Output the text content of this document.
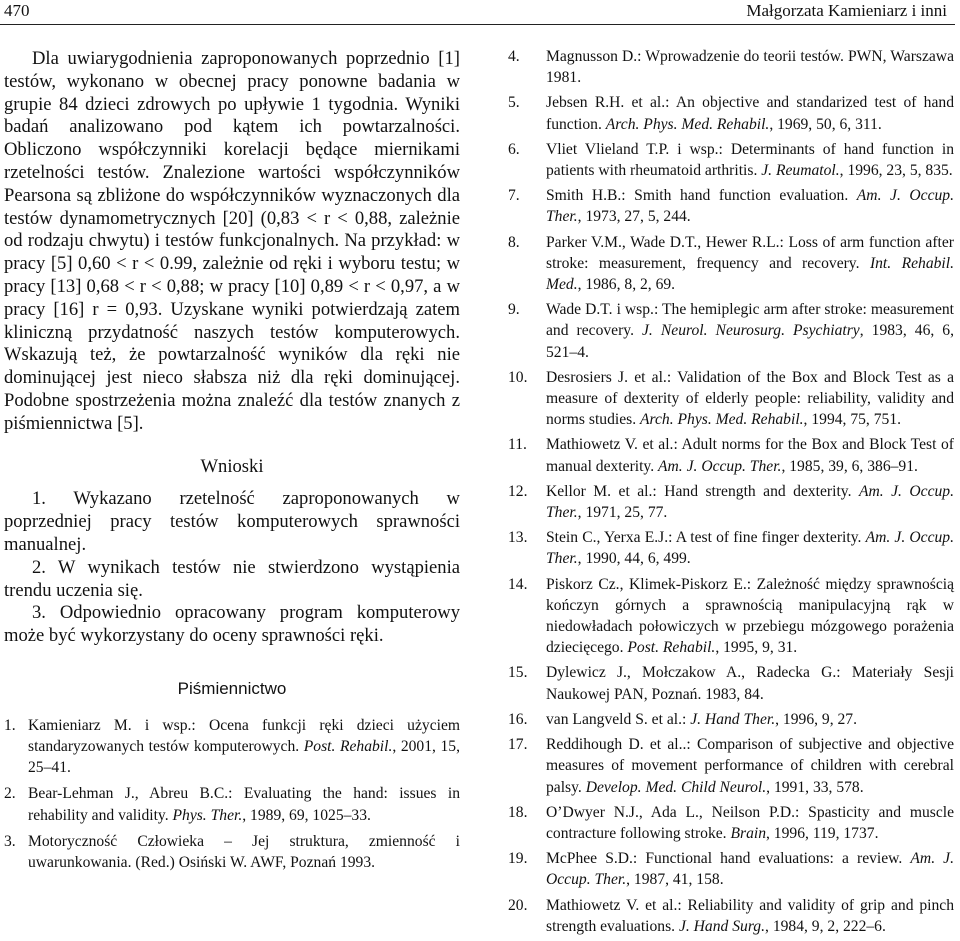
470	Małgorzata Kamieniarz i inni

Dla uwiarygodnienia zaproponowanych poprzednio [1] testów, wykonano w obecnej pracy ponowne badania w grupie 84 dzieci zdrowych po upływie 1 tygodnia. Wyniki badań analizowano pod kątem ich powtarzalności. Obliczono współczynniki korelacji będące miernikami rzetelności testów. Znalezione wartości współczynników Pearsona są zbliżone do współczynników wyznaczonych dla testów dynamometrycznych [20] (0,83 < r < 0,88, zależnie od rodzaju chwytu) i testów funkcjonalnych. Na przykład: w pracy [5] 0,60 < r < 0.99, zależnie od ręki i wyboru testu; w pracy [13] 0,68 < r < 0,88; w pracy [10] 0,89 < r < 0,97, a w pracy [16] r = 0,93. Uzyskane wyniki potwierdzają zatem kliniczną przydatność naszych testów komputerowych. Wskazują też, że powtarzalność wyników dla ręki nie dominującej jest nieco słabsza niż dla ręki dominującej. Podobne spostrzeżenia można znaleźć dla testów znanych z piśmiennictwa [5].

Wnioski

1. Wykazano rzetelność zaproponowanych w poprzedniej pracy testów komputerowych sprawności manualnej.

2. W wynikach testów nie stwierdzono wystąpienia trendu uczenia się.

3. Odpowiednio opracowany program komputerowy może być wykorzystany do oceny sprawności ręki.

Piśmiennictwo
1. Kamieniarz M. i wsp.: Ocena funkcji ręki dzieci użyciem standaryzowanych testów komputerowych. Post. Rehabil., 2001, 15, 25–41.
2. Bear-Lehman J., Abreu B.C.: Evaluating the hand: issues in rehability and validity. Phys. Ther., 1989, 69, 1025–33.
3. Motoryczność Człowieka – Jej struktura, zmienność i uwarunkowania. (Red.) Osiński W. AWF, Poznań 1993.
4.	Magnusson D.: Wprowadzenie do teorii testów. PWN, Warszawa 1981.
5.	Jebsen R.H. et al.: An objective and standarized test of hand function. Arch. Phys. Med. Rehabil., 1969, 50, 6, 311.
6.	Vliet Vlieland T.P. i wsp.: Determinants of hand function in patients with rheumatoid arthritis. J. Reumatol., 1996, 23, 5, 835.
7.	Smith H.B.: Smith hand function evaluation. Am. J. Occup. Ther., 1973, 27, 5, 244.
8.	Parker V.M., Wade D.T., Hewer R.L.: Loss of arm function after stroke: measurement, frequency and recovery. Int. Rehabil. Med., 1986, 8, 2, 69.
9.	Wade D.T. i wsp.: The hemiplegic arm after stroke: measurement and recovery. J. Neurol. Neurosurg. Psychiatry, 1983, 46, 6, 521–4.
10.	Desrosiers J. et al.: Validation of the Box and Block Test as a measure of dexterity of elderly people: reliability, validity and norms studies. Arch. Phys. Med. Rehabil., 1994, 75, 751.
11.	Mathiowetz V. et al.: Adult norms for the Box and Block Test of manual dexterity. Am. J. Occup. Ther., 1985, 39, 6, 386–91.
12.	Kellor M. et al.: Hand strength and dexterity. Am. J. Occup. Ther., 1971, 25, 77.
13.	Stein C., Yerxa E.J.: A test of fine finger dexterity. Am. J. Occup. Ther., 1990, 44, 6, 499.
14.	Piskorz Cz., Klimek-Piskorz E.: Zależność między sprawnością kończyn górnych a sprawnością manipulacyjną rąk w niedowładach połowiczych w przebiegu mózgowego porażenia dziecięcego. Post. Rehabil., 1995, 9, 31.
15.	Dylewicz J., Mołczakow A., Radecka G.: Materiały Sesji Naukowej PAN, Poznań. 1983, 84.
16.	van Langveld S. et al.: J. Hand Ther., 1996, 9, 27.
17.	Reddihough D. et al..: Comparison of subjective and objective measures of movement performance of children with cerebral palsy. Develop. Med. Child Neurol., 1991, 33, 578.
18.	O’Dwyer N.J., Ada L., Neilson P.D.: Spasticity and muscle contracture following stroke. Brain, 1996, 119, 1737.
19.	McPhee S.D.: Functional hand evaluations: a review. Am. J. Occup. Ther., 1987, 41, 158.
20.	Mathiowetz V. et al.: Reliability and validity of grip and pinch strength evaluations. J. Hand Surg., 1984, 9, 2, 222–6.
